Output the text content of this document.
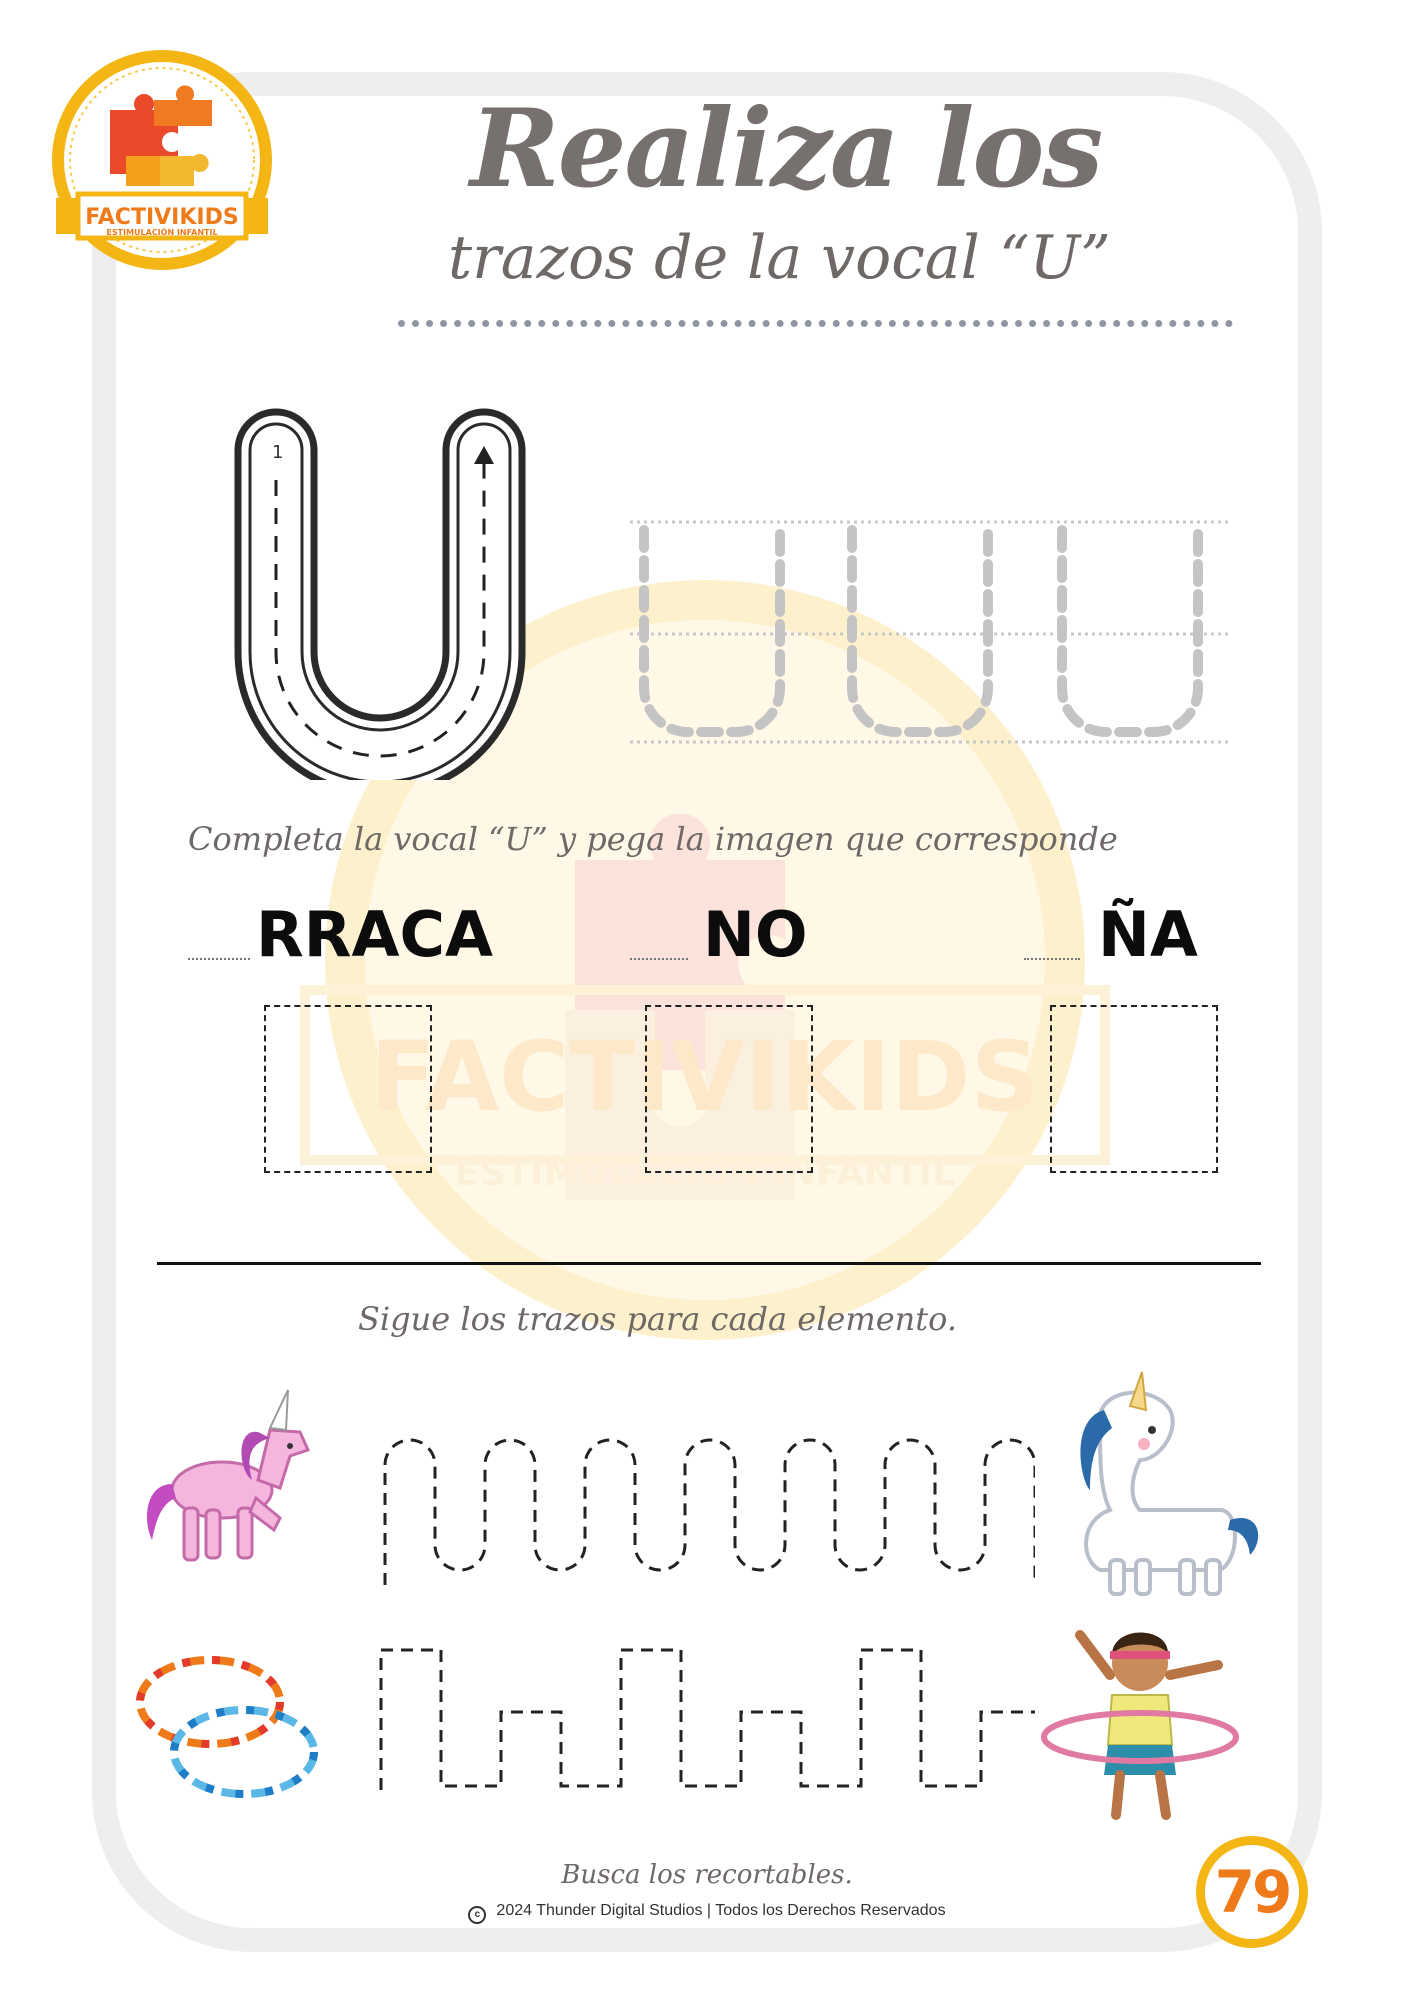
FACTIVIKIDS
ESTIMULACIÓN INFANTIL
FACTIVIKIDS
ESTIMULACIÓN INFANTIL
Realiza los
trazos de la vocal “U”
1
Completa la vocal “U” y pega la imagen que corresponde
RRACA	NO	ÑA
Sigue los trazos para cada elemento.
Busca los recortables.
c 2024 Thunder Digital Studios | Todos los Derechos Reservados	79
